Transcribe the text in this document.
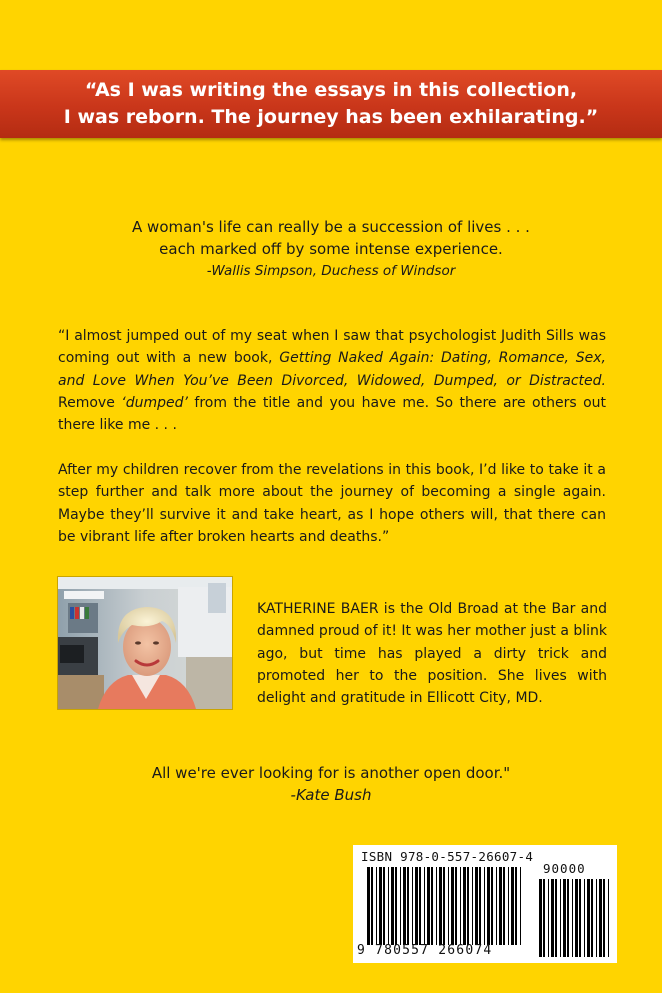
“As I was writing the essays in this collection,
I was reborn. The journey has been exhilarating.”
A woman's life can really be a succession of lives . . .
each marked off by some intense experience.
-Wallis Simpson, Duchess of Windsor
“I almost jumped out of my seat when I saw that psychologist Judith Sills was coming out with a new book, Getting Naked Again: Dating, Romance, Sex, and Love When You’ve Been Divorced, Widowed, Dumped, or Distracted. Remove ‘dumped’ from the title and you have me. So there are others out there like me . . .
After my children recover from the revelations in this book, I’d like to take it a step further and talk more about the journey of becoming a single again. Maybe they’ll survive it and take heart, as I hope others will, that there can be vibrant life after broken hearts and deaths.”
KATHERINE BAER is the Old Broad at the Bar and damned proud of it! It was her mother just a blink ago, but time has played a dirty trick and promoted her to the position. She lives with delight and gratitude in Ellicott City, MD.
All we're ever looking for is another open door."
-Kate Bush
ISBN 978-0-557-26607-4
90000
9 780557 266074
